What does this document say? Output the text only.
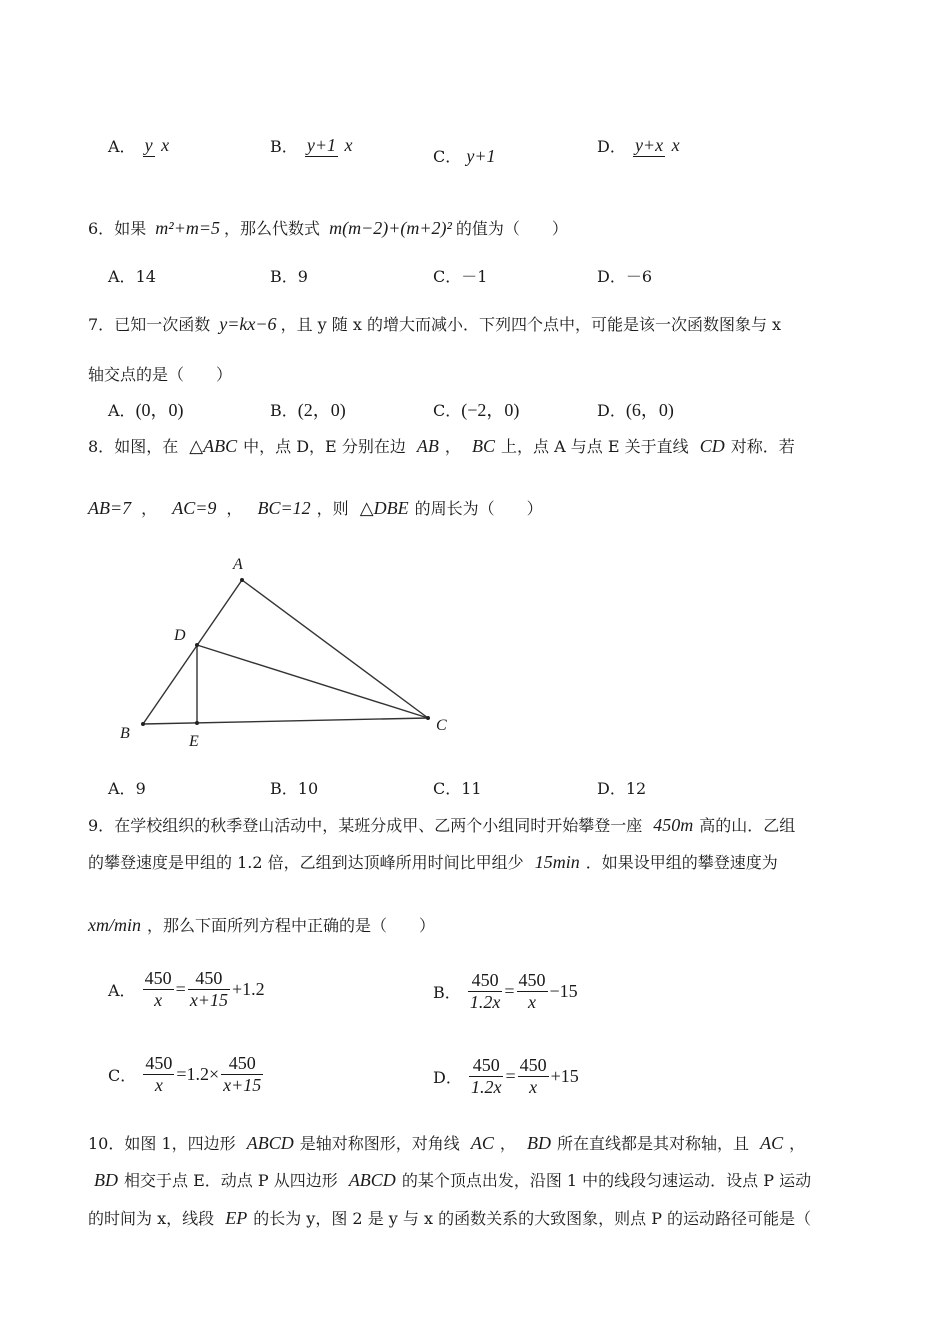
A． y x	B． y+1 x
C． y+1	D． y+x x
6．如果 m²+m=5 ，那么代数式 m(m−2)+(m+2)² 的值为（　　）
A．14	B．9	C．－1	D．－6
7．已知一次函数 y=kx−6 ，且 y 随 x 的增大而减小．下列四个点中，可能是该一次函数图象与 x
轴交点的是（　　）
A．(0，0)	B．(2，0)	C．(−2，0)	D．(6，0)
8．如图，在 △ABC 中，点 D，E 分别在边 AB ， BC 上，点 A 与点 E 关于直线 CD 对称．若
AB=7 ， AC=9 ， BC=12 ，则 △DBE 的周长为（　　）
A
D
B	E
C
A．9	B．10	C．11	D．12
9．在学校组织的秋季登山活动中，某班分成甲、乙两个小组同时开始攀登一座 450m 高的山．乙组
的攀登速度是甲组的 1.2 倍，乙组到达顶峰所用时间比甲组少 15min ．如果设甲组的攀登速度为
xm/min ，那么下面所列方程中正确的是（　　）
A． $\frac{450}{x} = \frac{450}{x+15} +1.2$	B． $\frac{450}{1.2x} = \frac{450}{x} -15$
C． $\frac{450}{x} =1.2\times \frac{450}{x+15}$	D． $\frac{450}{1.2x} = \frac{450}{x} +15$
10．如图 1，四边形 ABCD 是轴对称图形，对角线 AC ， BD 所在直线都是其对称轴，且 AC ，
BD 相交于点 E．动点 P 从四边形 ABCD 的某个顶点出发，沿图 1 中的线段匀速运动．设点 P 运动
的时间为 x，线段 EP 的长为 y，图 2 是 y 与 x 的函数关系的大致图象，则点 P 的运动路径可能是（
